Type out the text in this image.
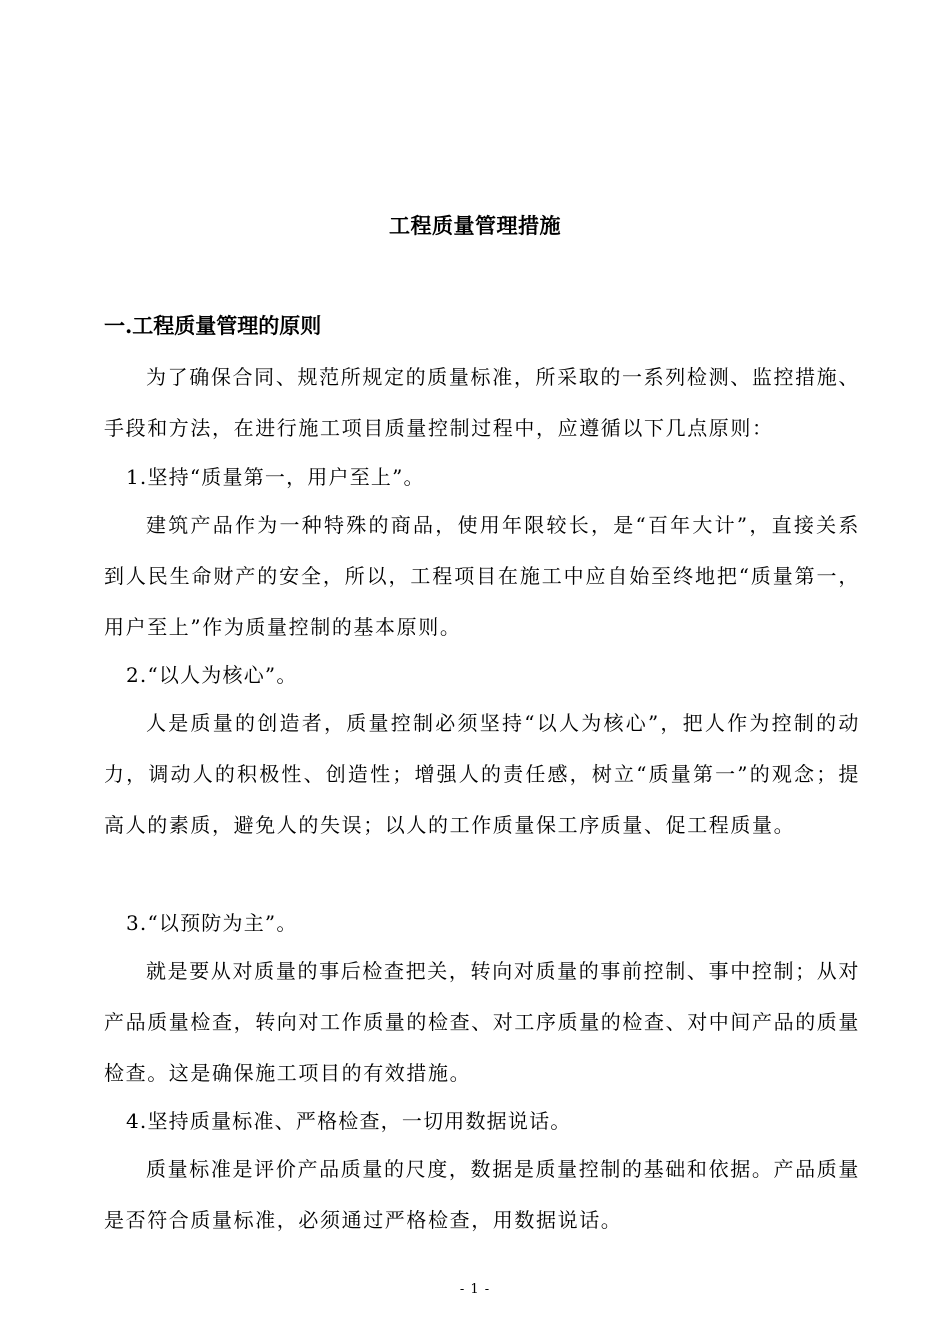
工程质量管理措施
一.工程质量管理的原则

为了确保合同、规范所规定的质量标准，所采取的一系列检测、监控措施、手段和方法，在进行施工项目质量控制过程中，应遵循以下几点原则：

1.坚持“质量第一，用户至上”。

建筑产品作为一种特殊的商品，使用年限较长，是“百年大计”，直接关系到人民生命财产的安全，所以，工程项目在施工中应自始至终地把“质量第一，用户至上”作为质量控制的基本原则。

2.“以人为核心”。

人是质量的创造者，质量控制必须坚持“以人为核心”，把人作为控制的动力，调动人的积极性、创造性；增强人的责任感，树立“质量第一”的观念；提高人的素质，避免人的失误；以人的工作质量保工序质量、促工程质量。

3.“以预防为主”。

就是要从对质量的事后检查把关，转向对质量的事前控制、事中控制；从对产品质量检查，转向对工作质量的检查、对工序质量的检查、对中间产品的质量检查。这是确保施工项目的有效措施。

4.坚持质量标准、严格检查，一切用数据说话。

质量标准是评价产品质量的尺度，数据是质量控制的基础和依据。产品质量是否符合质量标准，必须通过严格检查，用数据说话。

- 1 -
